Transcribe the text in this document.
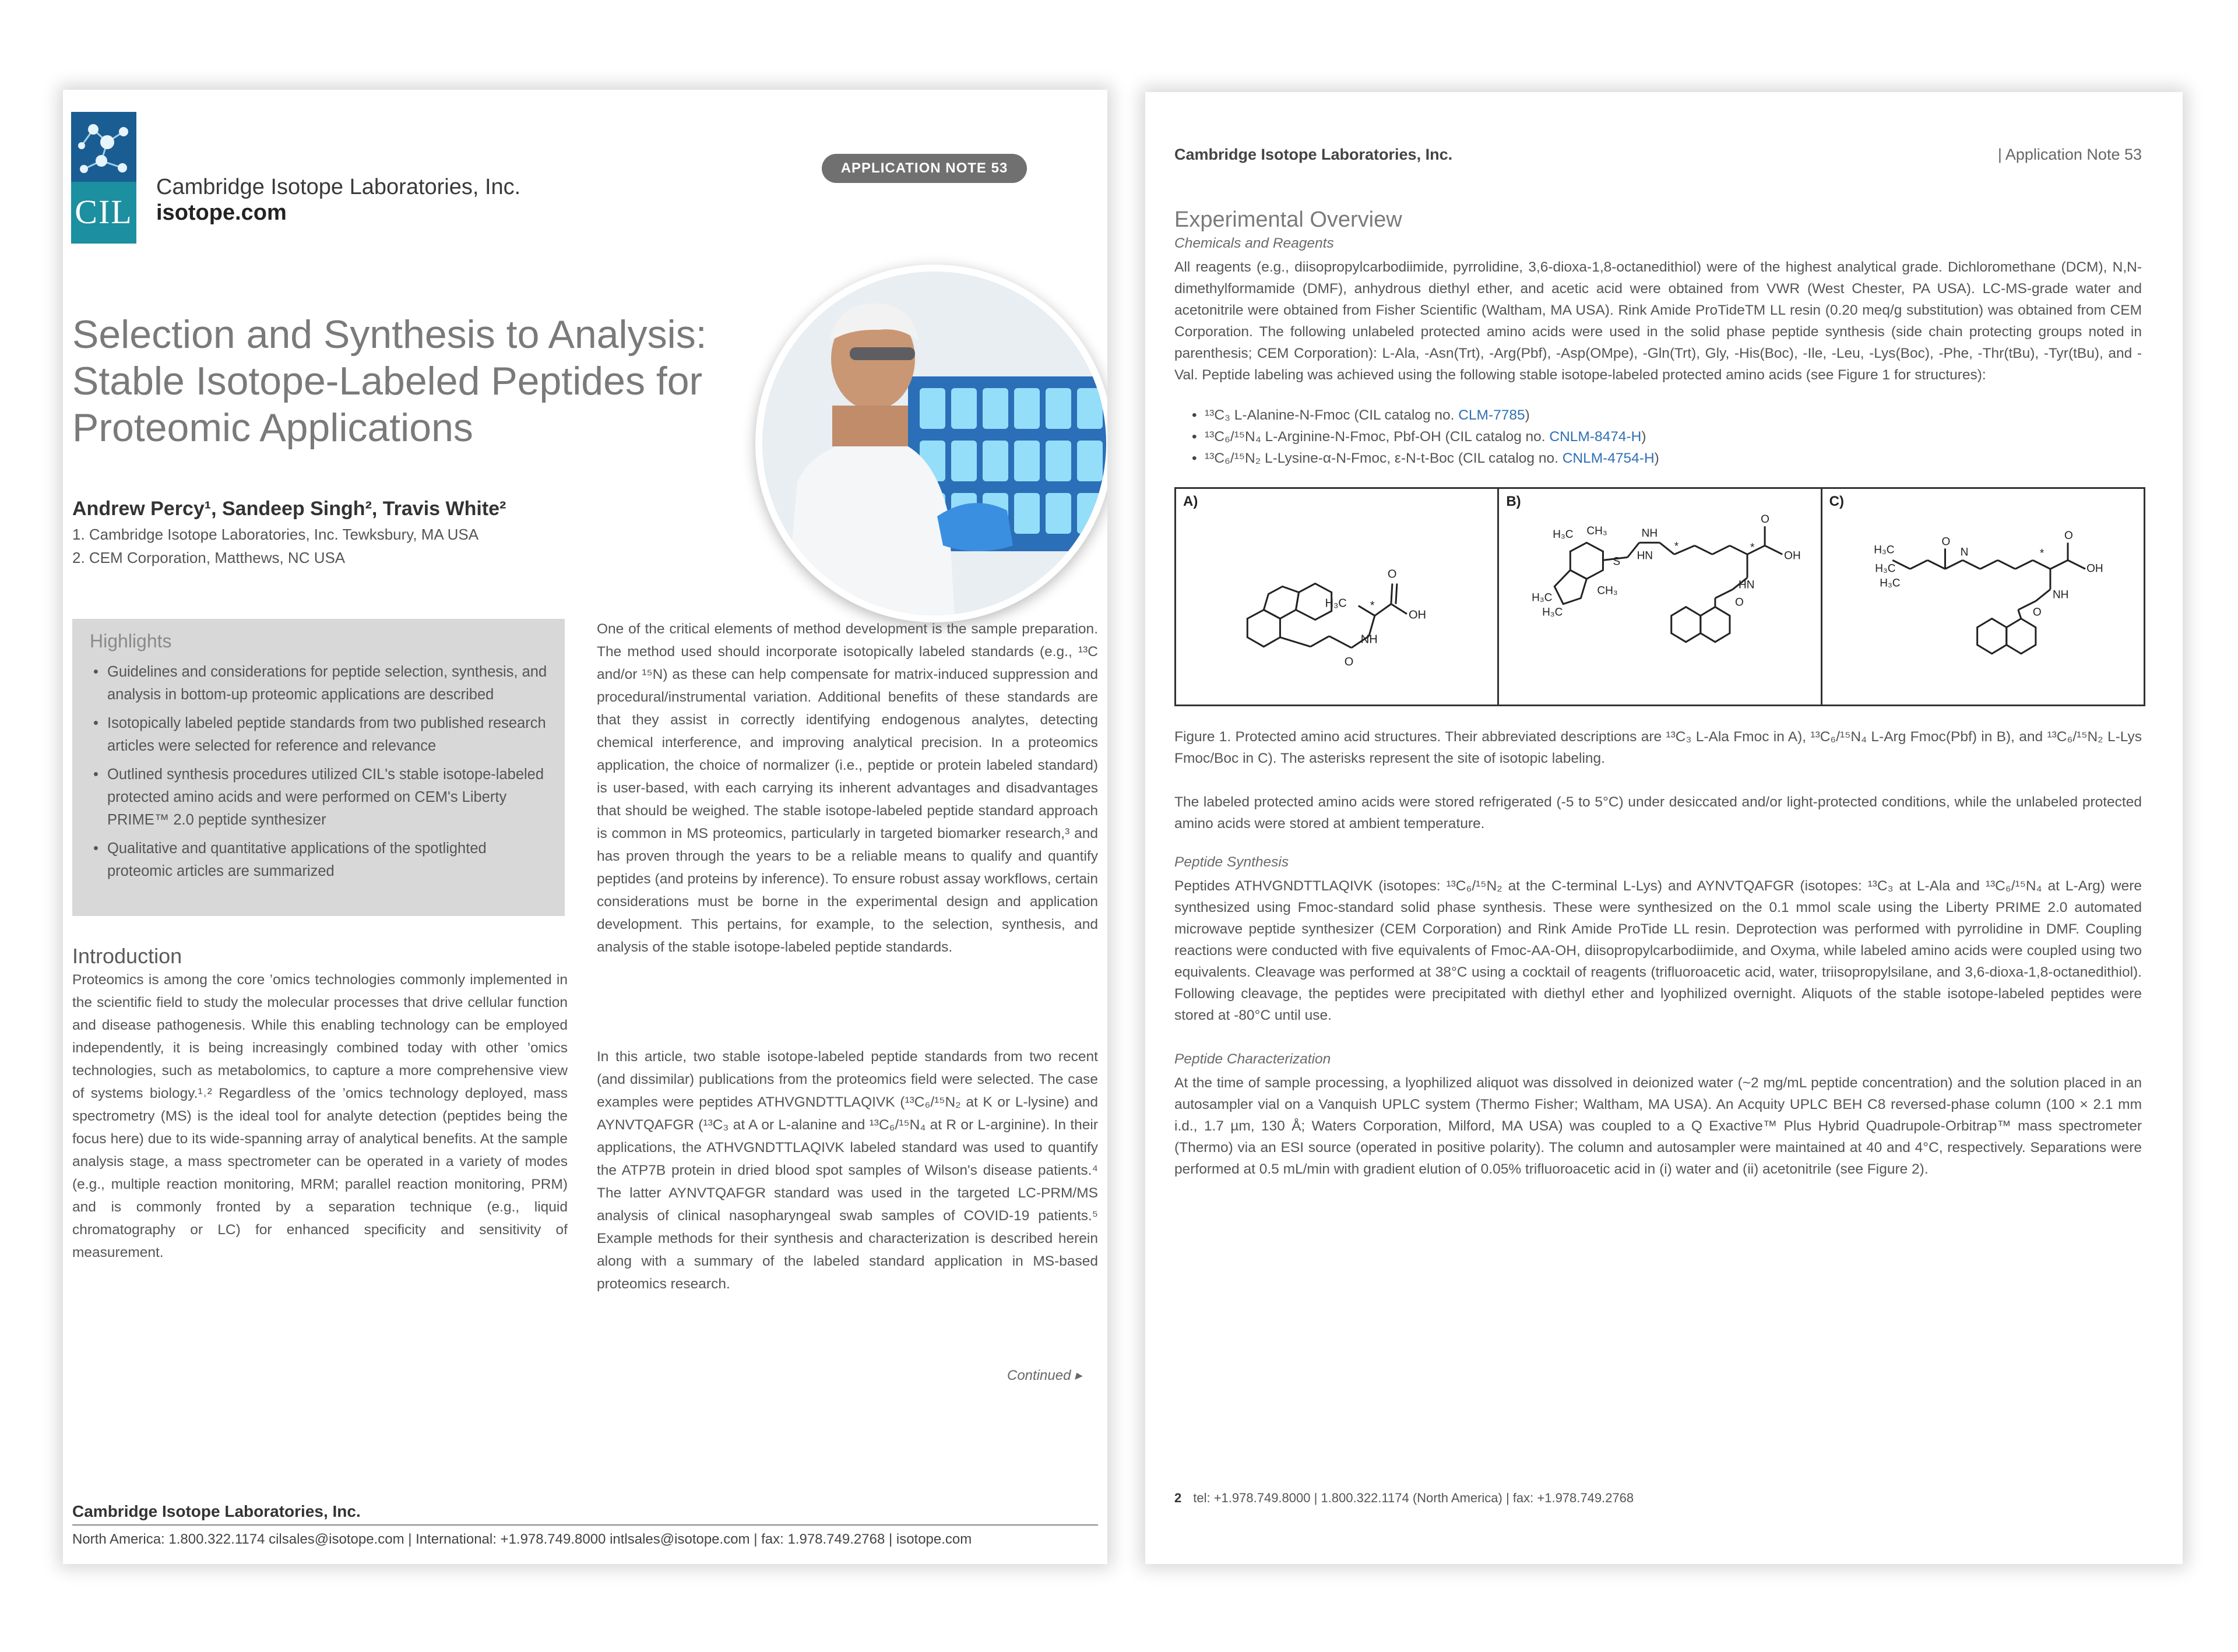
CIL
Cambridge Isotope Laboratories, Inc.
isotope.com
APPLICATION NOTE 53
Selection and Synthesis to Analysis:
Stable Isotope-Labeled Peptides for
Proteomic Applications
Andrew Percy¹, Sandeep Singh², Travis White²
1. Cambridge Isotope Laboratories, Inc. Tewksbury, MA USA
2. CEM Corporation, Matthews, NC USA
Highlights
• Guidelines and considerations for peptide selection, synthesis, and analysis in bottom-up proteomic applications are described
• Isotopically labeled peptide standards from two published research articles were selected for reference and relevance
• Outlined synthesis procedures utilized CIL's stable isotope-labeled protected amino acids and were performed on CEM's Liberty PRIME™ 2.0 peptide synthesizer
• Qualitative and quantitative applications of the spotlighted proteomic articles are summarized
Introduction
Proteomics is among the core ’omics technologies commonly implemented in the scientific field to study the molecular processes that drive cellular function and disease pathogenesis. While this enabling technology can be employed independently, it is being increasingly combined today with other ’omics technologies, such as metabolomics, to capture a more comprehensive view of systems biology.¹˒² Regardless of the ’omics technology deployed, mass spectrometry (MS) is the ideal tool for analyte detection (peptides being the focus here) due to its wide-spanning array of analytical benefits. At the sample analysis stage, a mass spectrometer can be operated in a variety of modes (e.g., multiple reaction monitoring, MRM; parallel reaction monitoring, PRM) and is commonly fronted by a separation technique (e.g., liquid chromatography or LC) for enhanced specificity and sensitivity of measurement.
One of the critical elements of method development is the sample preparation. The method used should incorporate isotopically labeled standards (e.g., ¹³C and/or ¹⁵N) as these can help compensate for matrix-induced suppression and procedural/instrumental variation. Additional benefits of these standards are that they assist in correctly identifying endogenous analytes, detecting chemical interference, and improving analytical precision. In a proteomics application, the choice of normalizer (i.e., peptide or protein labeled standard) is user-based, with each carrying its inherent advantages and disadvantages that should be weighed. The stable isotope-labeled peptide standard approach is common in MS proteomics, particularly in targeted biomarker research,³ and has proven through the years to be a reliable means to qualify and quantify peptides (and proteins by inference). To ensure robust assay workflows, certain considerations must be borne in the experimental design and application development. This pertains, for example, to the selection, synthesis, and analysis of the stable isotope-labeled peptide standards.
In this article, two stable isotope-labeled peptide standards from two recent (and dissimilar) publications from the proteomics field were selected. The case examples were peptides ATHVGNDTTLAQIVK (¹³C₆/¹⁵N₂ at K or L-lysine) and AYNVTQAFGR (¹³C₃ at A or L-alanine and ¹³C₆/¹⁵N₄ at R or L-arginine). In their applications, the ATHVGNDTTLAQIVK labeled standard was used to quantify the ATP7B protein in dried blood spot samples of Wilson's disease patients.⁴ The latter AYNVTQAFGR standard was used in the targeted LC-PRM/MS analysis of clinical nasopharyngeal swab samples of COVID-19 patients.⁵ Example methods for their synthesis and characterization is described herein along with a summary of the labeled standard application in MS-based proteomics research.
Continued ▸
Cambridge Isotope Laboratories, Inc.
North America: 1.800.322.1174 cilsales@isotope.com | International: +1.978.749.8000 intlsales@isotope.com | fax: 1.978.749.2768 | isotope.com
Cambridge Isotope Laboratories, Inc.	| Application Note 53
Experimental Overview
Chemicals and Reagents
All reagents (e.g., diisopropylcarbodiimide, pyrrolidine, 3,6-dioxa-1,8-octanedithiol) were of the highest analytical grade. Dichloromethane (DCM), N,N-dimethylformamide (DMF), anhydrous diethyl ether, and acetic acid were obtained from VWR (West Chester, PA USA). LC-MS-grade water and acetonitrile were obtained from Fisher Scientific (Waltham, MA USA). Rink Amide ProTideTM LL resin (0.20 meq/g substitution) was obtained from CEM Corporation. The following unlabeled protected amino acids were used in the solid phase peptide synthesis (side chain protecting groups noted in parenthesis; CEM Corporation): L-Ala, -Asn(Trt), -Arg(Pbf), -Asp(OMpe), -Gln(Trt), Gly, -His(Boc), -Ile, -Leu, -Lys(Boc), -Phe, -Thr(tBu), -Tyr(tBu), and -Val. Peptide labeling was achieved using the following stable isotope-labeled protected amino acids (see Figure 1 for structures):
• ¹³C₃ L-Alanine-N-Fmoc (CIL catalog no. CLM-7785)
• ¹³C₆/¹⁵N₄ L-Arginine-N-Fmoc, Pbf-OH (CIL catalog no. CNLM-8474-H)
• ¹³C₆/¹⁵N₂ L-Lysine-α-N-Fmoc, ε-N-t-Boc (CIL catalog no. CNLM-4754-H)
A)
H₃C *
OH
O
NH
O
B)
H₃C CH₃
H₃C
H₃C
CH₃
S
NH
HN	OH
O
HN
O
*	*
C)
H₃C
H₃C
H₃C
O
N
OH
O
NH
O
*
Figure 1. Protected amino acid structures. Their abbreviated descriptions are ¹³C₃ L-Ala Fmoc in A), ¹³C₆/¹⁵N₄ L-Arg Fmoc(Pbf) in B), and ¹³C₆/¹⁵N₂ L-Lys Fmoc/Boc in C). The asterisks represent the site of isotopic labeling.
The labeled protected amino acids were stored refrigerated (-5 to 5°C) under desiccated and/or light-protected conditions, while the unlabeled protected amino acids were stored at ambient temperature.
Peptide Synthesis
Peptides ATHVGNDTTLAQIVK (isotopes: ¹³C₆/¹⁵N₂ at the C-terminal L-Lys) and AYNVTQAFGR (isotopes: ¹³C₃ at L-Ala and ¹³C₆/¹⁵N₄ at L-Arg) were synthesized using Fmoc-standard solid phase synthesis. These were synthesized on the 0.1 mmol scale using the Liberty PRIME 2.0 automated microwave peptide synthesizer (CEM Corporation) and Rink Amide ProTide LL resin. Deprotection was performed with pyrrolidine in DMF. Coupling reactions were conducted with five equivalents of Fmoc-AA-OH, diisopropylcarbodiimide, and Oxyma, while labeled amino acids were coupled using two equivalents. Cleavage was performed at 38°C using a cocktail of reagents (trifluoroacetic acid, water, triisopropylsilane, and 3,6-dioxa-1,8-octanedithiol). Following cleavage, the peptides were precipitated with diethyl ether and lyophilized overnight. Aliquots of the stable isotope-labeled peptides were stored at -80°C until use.
Peptide Characterization
At the time of sample processing, a lyophilized aliquot was dissolved in deionized water (~2 mg/mL peptide concentration) and the solution placed in an autosampler vial on a Vanquish UPLC system (Thermo Fisher; Waltham, MA USA). An Acquity UPLC BEH C8 reversed-phase column (100 × 2.1 mm i.d., 1.7 µm, 130 Å; Waters Corporation, Milford, MA USA) was coupled to a Q Exactive™ Plus Hybrid Quadrupole-Orbitrap™ mass spectrometer (Thermo) via an ESI source (operated in positive polarity). The column and autosampler were maintained at 40 and 4°C, respectively. Separations were performed at 0.5 mL/min with gradient elution of 0.05% trifluoroacetic acid in (i) water and (ii) acetonitrile (see Figure 2).
2 tel: +1.978.749.8000 | 1.800.322.1174 (North America) | fax: +1.978.749.2768
